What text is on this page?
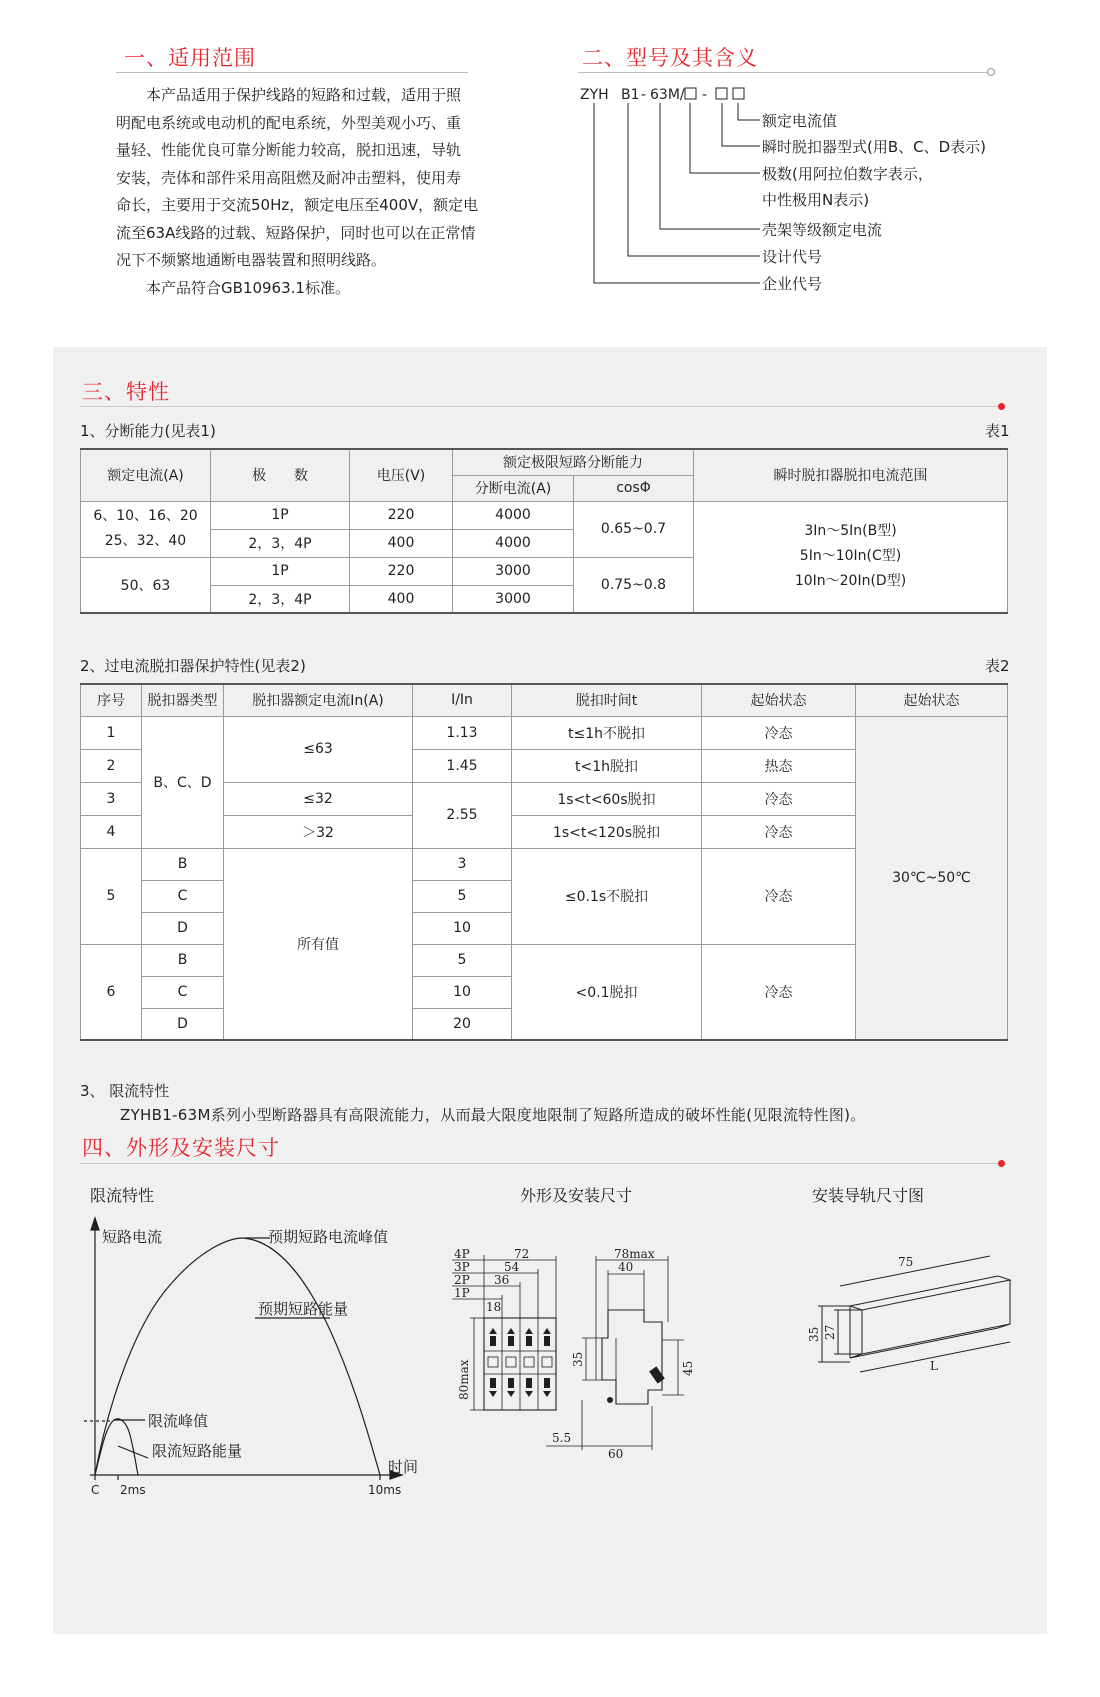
一、适用范围

本产品适用于保护线路的短路和过载，适用于照

明配电系统或电动机的配电系统，外型美观小巧、重

量轻、性能优良可靠分断能力较高，脱扣迅速，导轨

安装，壳体和部件采用高阻燃及耐冲击塑料，使用寿

命长，主要用于交流50Hz，额定电压至400V，额定电

流至63A线路的过载、短路保护，同时也可以在正常情

况下不频繁地通断电器装置和照明线路。

本产品符合GB10963.1标准。

二、型号及其含义
ZYH B1 - 63M/ -
额定电流值
瞬时脱扣器型式(用B、C、D表示)
极数(用阿拉伯数字表示，
中性极用N表示)
壳架等级额定电流
设计代号
企业代号
三、特性
1、分断能力(见表1)	表1
额定电流(A)	极　　数	电压(V)	额定极限短路分断能力		瞬时脱扣器脱扣电流范围
			分断电流(A)	cosΦ	
6、10、16、20
25、32、40	1P	220	4000	0.65~0.7	3In～5In(B型)
5In～10In(C型)
10In～20In(D型)
	2，3，4P	400	4000		
50、63	1P	220	3000	0.75~0.8	
	2，3，4P	400	3000		
2、过电流脱扣器保护特性(见表2)	表2
序号	脱扣器类型	脱扣器额定电流In(A)	I/In	脱扣时间t	起始状态	起始状态
1	B、C、D	≤63	1.13	t≤1h不脱扣	冷态	30℃~50℃
2			1.45	t<1h脱扣	热态	
3		≤32	2.55	1s<t<60s脱扣	冷态	
4		＞32		1s<t<120s脱扣	冷态	
5	B	所有值	3	≤0.1s不脱扣	冷态	
	C		5			
	D		10			
6	B		5	<0.1脱扣	冷态	
	C		10			
	D		20			
3、 限流特性
ZYHB1-63M系列小型断路器具有高限流能力，从而最大限度地限制了短路所造成的破坏性能(见限流特性图)。
四、外形及安装尺寸
限流特性	外形及安装尺寸	安装导轨尺寸图
短路电流	预期短路电流峰值
预期短路能量
限流峰值
限流短路能量
时间
C 2ms	10ms
4P
3P
2P
1P
72
54
36
18
80max
78max
40
35
45
5.5
60
75
35 27
L
